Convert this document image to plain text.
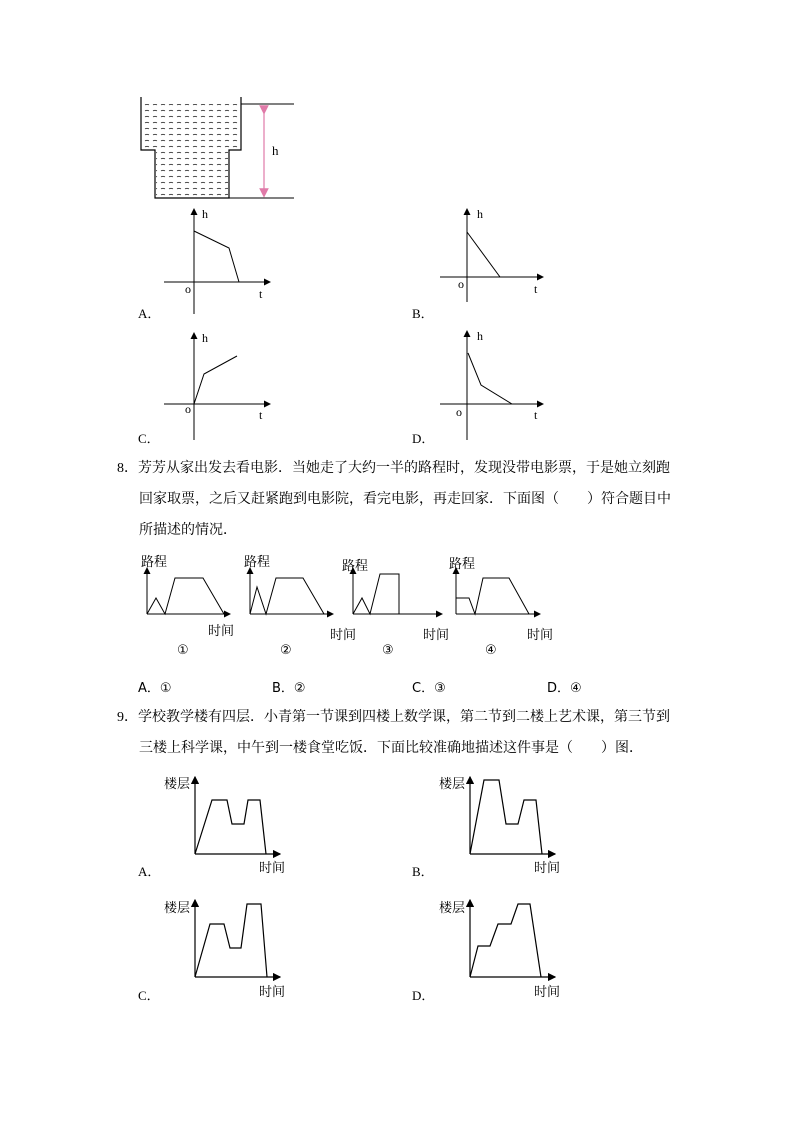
h
h
t
o
A．
h
t
o
B．
h
t
o
C．
h
t
o
D．
8．芳芳从家出发去看电影．当她走了大约一半的路程时，发现没带电影票，于是她立刻跑
回家取票，之后又赶紧跑到电影院，看完电影，再走回家．下面图（　　）符合题目中
所描述的情况．
路程
时间
①
路程
时间
②
路程
时间
③
路程
时间
④
A．①	B．②	C．③	D．④
9．学校教学楼有四层．小青第一节课到四楼上数学课，第二节到二楼上艺术课，第三节到
三楼上科学课，中午到一楼食堂吃饭．下面比较准确地描述这件事是（　　）图．
楼层
时间
A．
楼层
时间
B．
楼层
时间
C．
楼层
时间
D．
